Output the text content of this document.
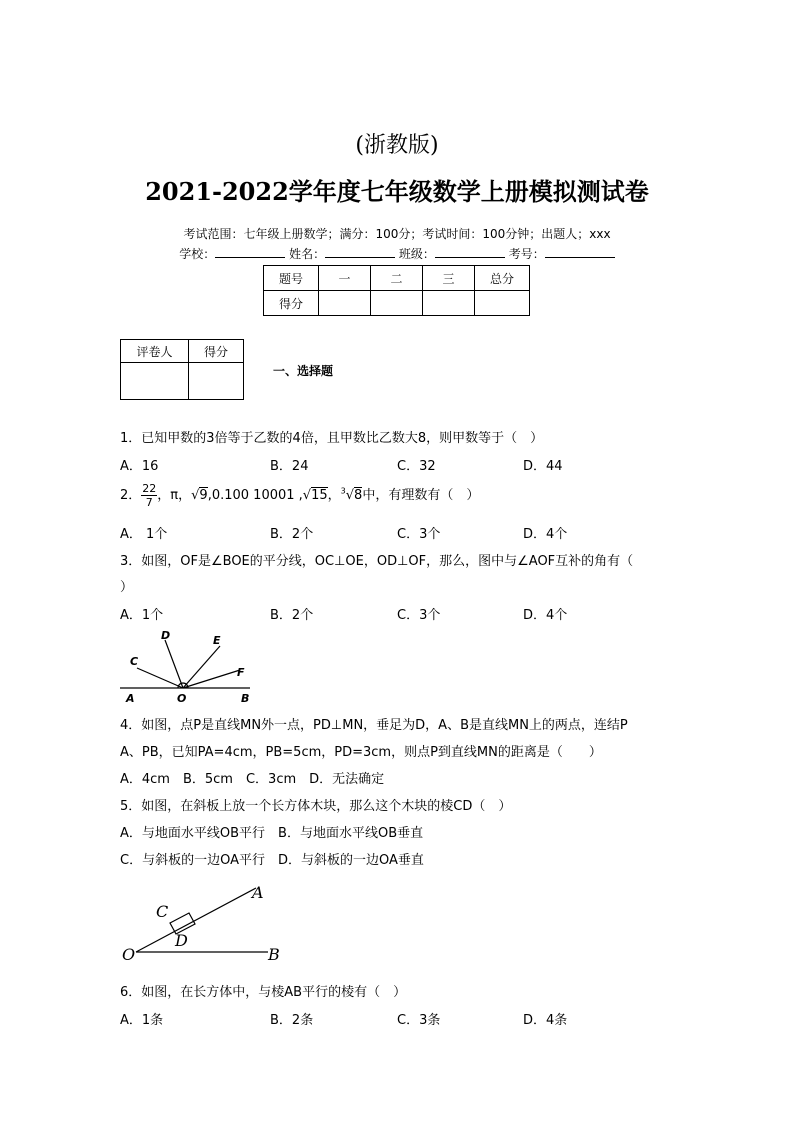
(浙教版)
2021-2022学年度七年级数学上册模拟测试卷
考试范围：七年级上册数学；满分：100分；考试时间：100分钟；出题人；xxx
学校：	姓名：	班级：	考号：
题号	一	二	三	总分
得分				
评卷人	得分

一、选择题
1．已知甲数的3倍等于乙数的4倍，且甲数比乙数大8，则甲数等于（　）
A．16	B．24	C．32	D．44
2． $\frac{22}{7}$ ，π，√9,0.100 10001 ,√15，$^3$√8中，有理数有（　）
A． 1个	B．2个	C．3个	D．4个
3．如图，OF是∠BOE的平分线，OC⊥OE，OD⊥OF，那么，图中与∠AOF互补的角有（
）
A．1个	B．2个	C．3个	D．4个
D	E
C
F
A	O	B
4．如图，点P是直线MN外一点，PD⊥MN，垂足为D，A、B是直线MN上的两点，连结P
A、PB，已知PA=4cm，PB=5cm，PD=3cm，则点P到直线MN的距离是（　　）
A．4cm　B．5cm　C．3cm　D．无法确定
5．如图，在斜板上放一个长方体木块，那么这个木块的棱CD（　）
A．与地面水平线OB平行　B．与地面水平线OB垂直
C．与斜板的一边OA平行　D．与斜板的一边OA垂直
A
C
D
O	B
6．如图，在长方体中，与棱AB平行的棱有（　）
A．1条	B．2条	C．3条	D．4条
